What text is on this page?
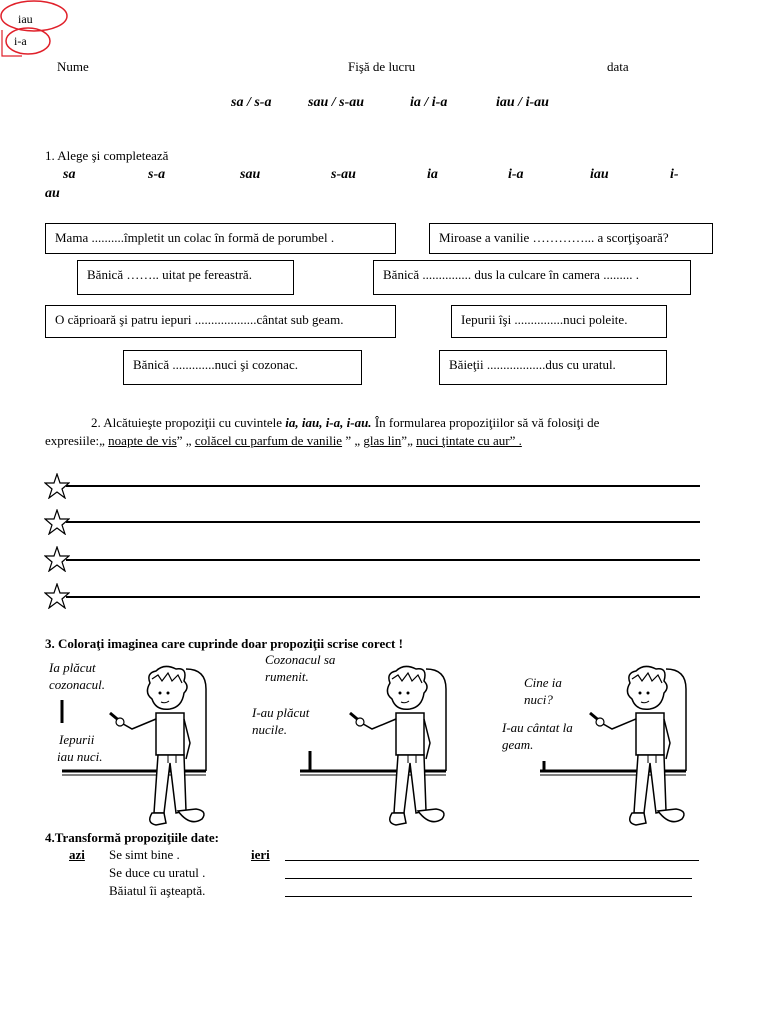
iau
i-a
Nume	Fişă de lucru	data
sa / s-a	sau / s-au	ia / i-a	iau / i-au
1. Alege şi completează
sa	s-a	sau	s-au	ia	i-a	iau	i-
au
Mama ..........împletit un colac în formă de porumbel .	Miroase a vanilie …………... a scorţişoară?
Bănică …….. uitat pe fereastră.	Bănică ............... dus la culcare în camera ......... .
O căprioară şi patru iepuri ...................cântat sub geam.	Iepurii îşi ...............nuci poleite.
Bănică .............nuci şi cozonac.	Băieţii ..................dus cu uratul.
2. Alcătuieşte propoziţii cu cuvintele ia, iau, i-a, i-au. În formularea propoziţiilor să vă folosiţi de
expresiile:„ noapte de vis” „ colăcel cu parfum de vanilie ” „ glas lin”„ nuci ţintate cu aur” .
3. Coloraţi imaginea care cuprinde doar propoziţii scrise corect !
Ia plăcut
cozonacul.
Iepurii
iau nuci.
Cozonacul sa
rumenit.
I-au plăcut
nucile.
Cine ia
nuci?
I-au cântat la
geam.
4.Transformă propoziţiile date:
azi Se simt bine .	ieri
Se duce cu uratul .
Băiatul îi aşteaptă.
